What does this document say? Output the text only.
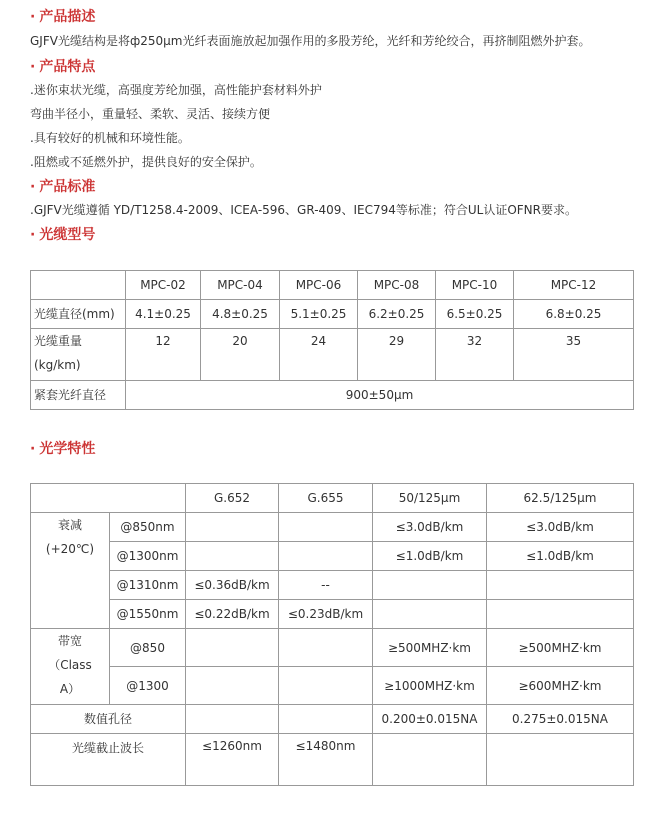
· 产品描述
GJFV光缆结构是将ф250μm光纤表面施放起加强作用的多股芳纶，光纤和芳纶绞合，再挤制阻燃外护套。
· 产品特点
.迷你束状光缆，高强度芳纶加强，高性能护套材料外护
弯曲半径小，重量轻、柔软、灵活、接续方便
.具有较好的机械和环境性能。
.阻燃或不延燃外护，提供良好的安全保护。
· 产品标准
.GJFV光缆遵循 YD/T1258.4-2009、ICEA-596、GR-409、IEC794等标准；符合UL认证OFNR要求。
· 光缆型号
	MPC-02	MPC-04	MPC-06	MPC-08	MPC-10	MPC-12
光缆直径(mm)	4.1±0.25	4.8±0.25	5.1±0.25	6.2±0.25	6.5±0.25	6.8±0.25
光缆重量(kg/km)	12	20	24	29	32	35
紧套光纤直径	900±50μm					
· 光学特性
		G.652	G.655	50/125μm	62.5/125μm
衰减(+20℃)	@850nm			≤3.0dB/km	≤3.0dB/km
	@1300nm			≤1.0dB/km	≤1.0dB/km
	@1310nm	≤0.36dB/km	--		
	@1550nm	≤0.22dB/km	≤0.23dB/km		
带宽（Class A）	@850			≥500MHZ·km	≥500MHZ·km
	@1300			≥1000MHZ·km	≥600MHZ·km
数值孔径				0.200±0.015NA	0.275±0.015NA
光缆截止波长		≤1260nm	≤1480nm		
